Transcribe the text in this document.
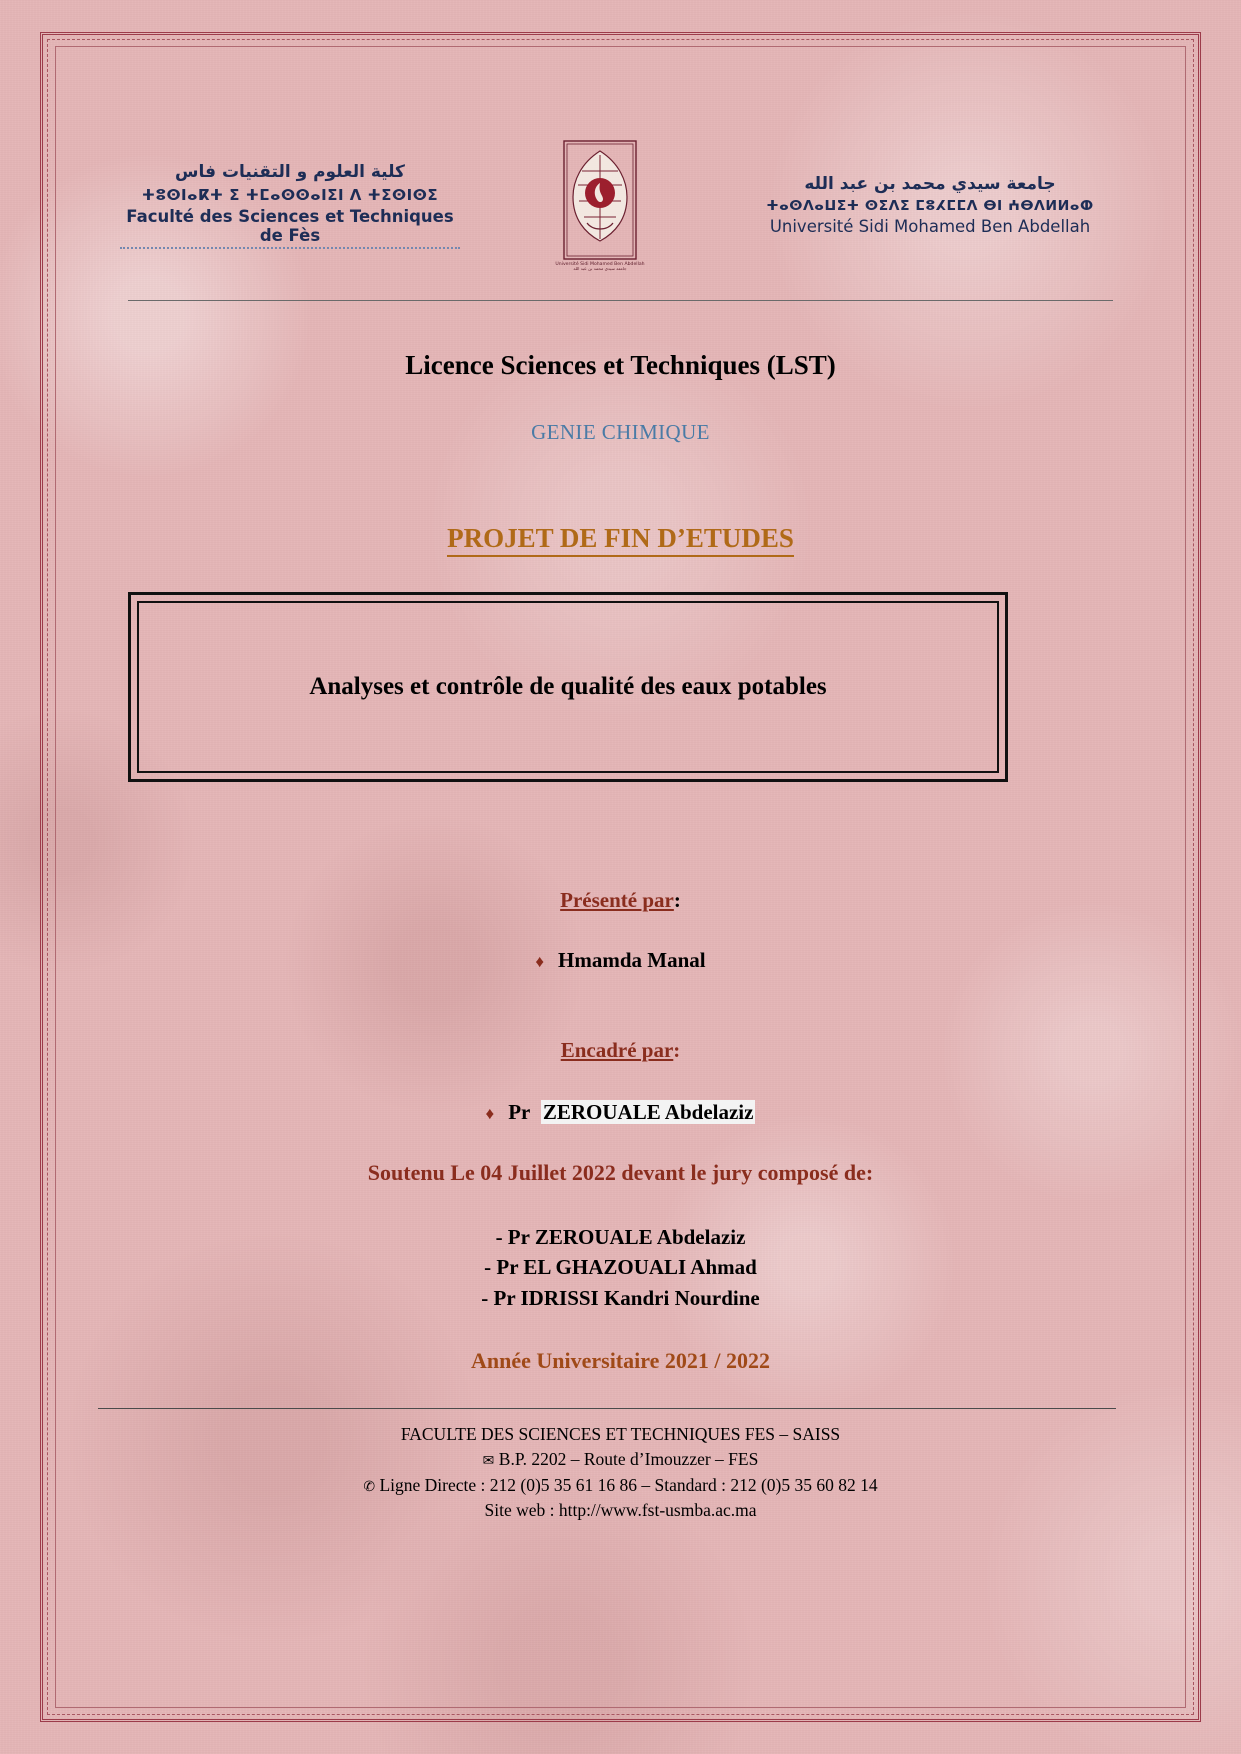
كلية العلوم و التقنيات فاس
ⵜⵓⵙⵏⴰⴽⵜ ⵉ ⵜⵎⴰⵙⵙⴰⵏⵉⵏ ⴷ ⵜⵉⵙⵏⵙⵉ
Faculté des Sciences et Techniques de Fès
Université Sidi Mohamed Ben Abdellah
جامعة سيدي محمد بن عبد الله
جامعة سيدي محمد بن عبد الله
ⵜⴰⵙⴷⴰⵡⵉⵜ ⵙⵉⴷⵉ ⵎⵓⵃⵎⵎⴷ ⴱⵏ ⵄⴱⴷⵍⵍⴰⵀ
Université Sidi Mohamed Ben Abdellah
Licence Sciences et Techniques (LST)
GENIE CHIMIQUE
PROJET DE FIN D’ETUDES
Analyses et contrôle de qualité des eaux potables
Présenté par:
♦ Hmamda Manal
Encadré par:
♦ Pr ZEROUALE Abdelaziz
Soutenu Le 04 Juillet 2022 devant le jury composé de:
- Pr ZEROUALE Abdelaziz
- Pr EL GHAZOUALI Ahmad
- Pr IDRISSI Kandri Nourdine
Année Universitaire 2021 / 2022
FACULTE DES SCIENCES ET TECHNIQUES FES – SAISS
✉ B.P. 2202 – Route d’Imouzzer – FES
✆ Ligne Directe : 212 (0)5 35 61 16 86 – Standard : 212 (0)5 35 60 82 14
Site web : http://www.fst-usmba.ac.ma
